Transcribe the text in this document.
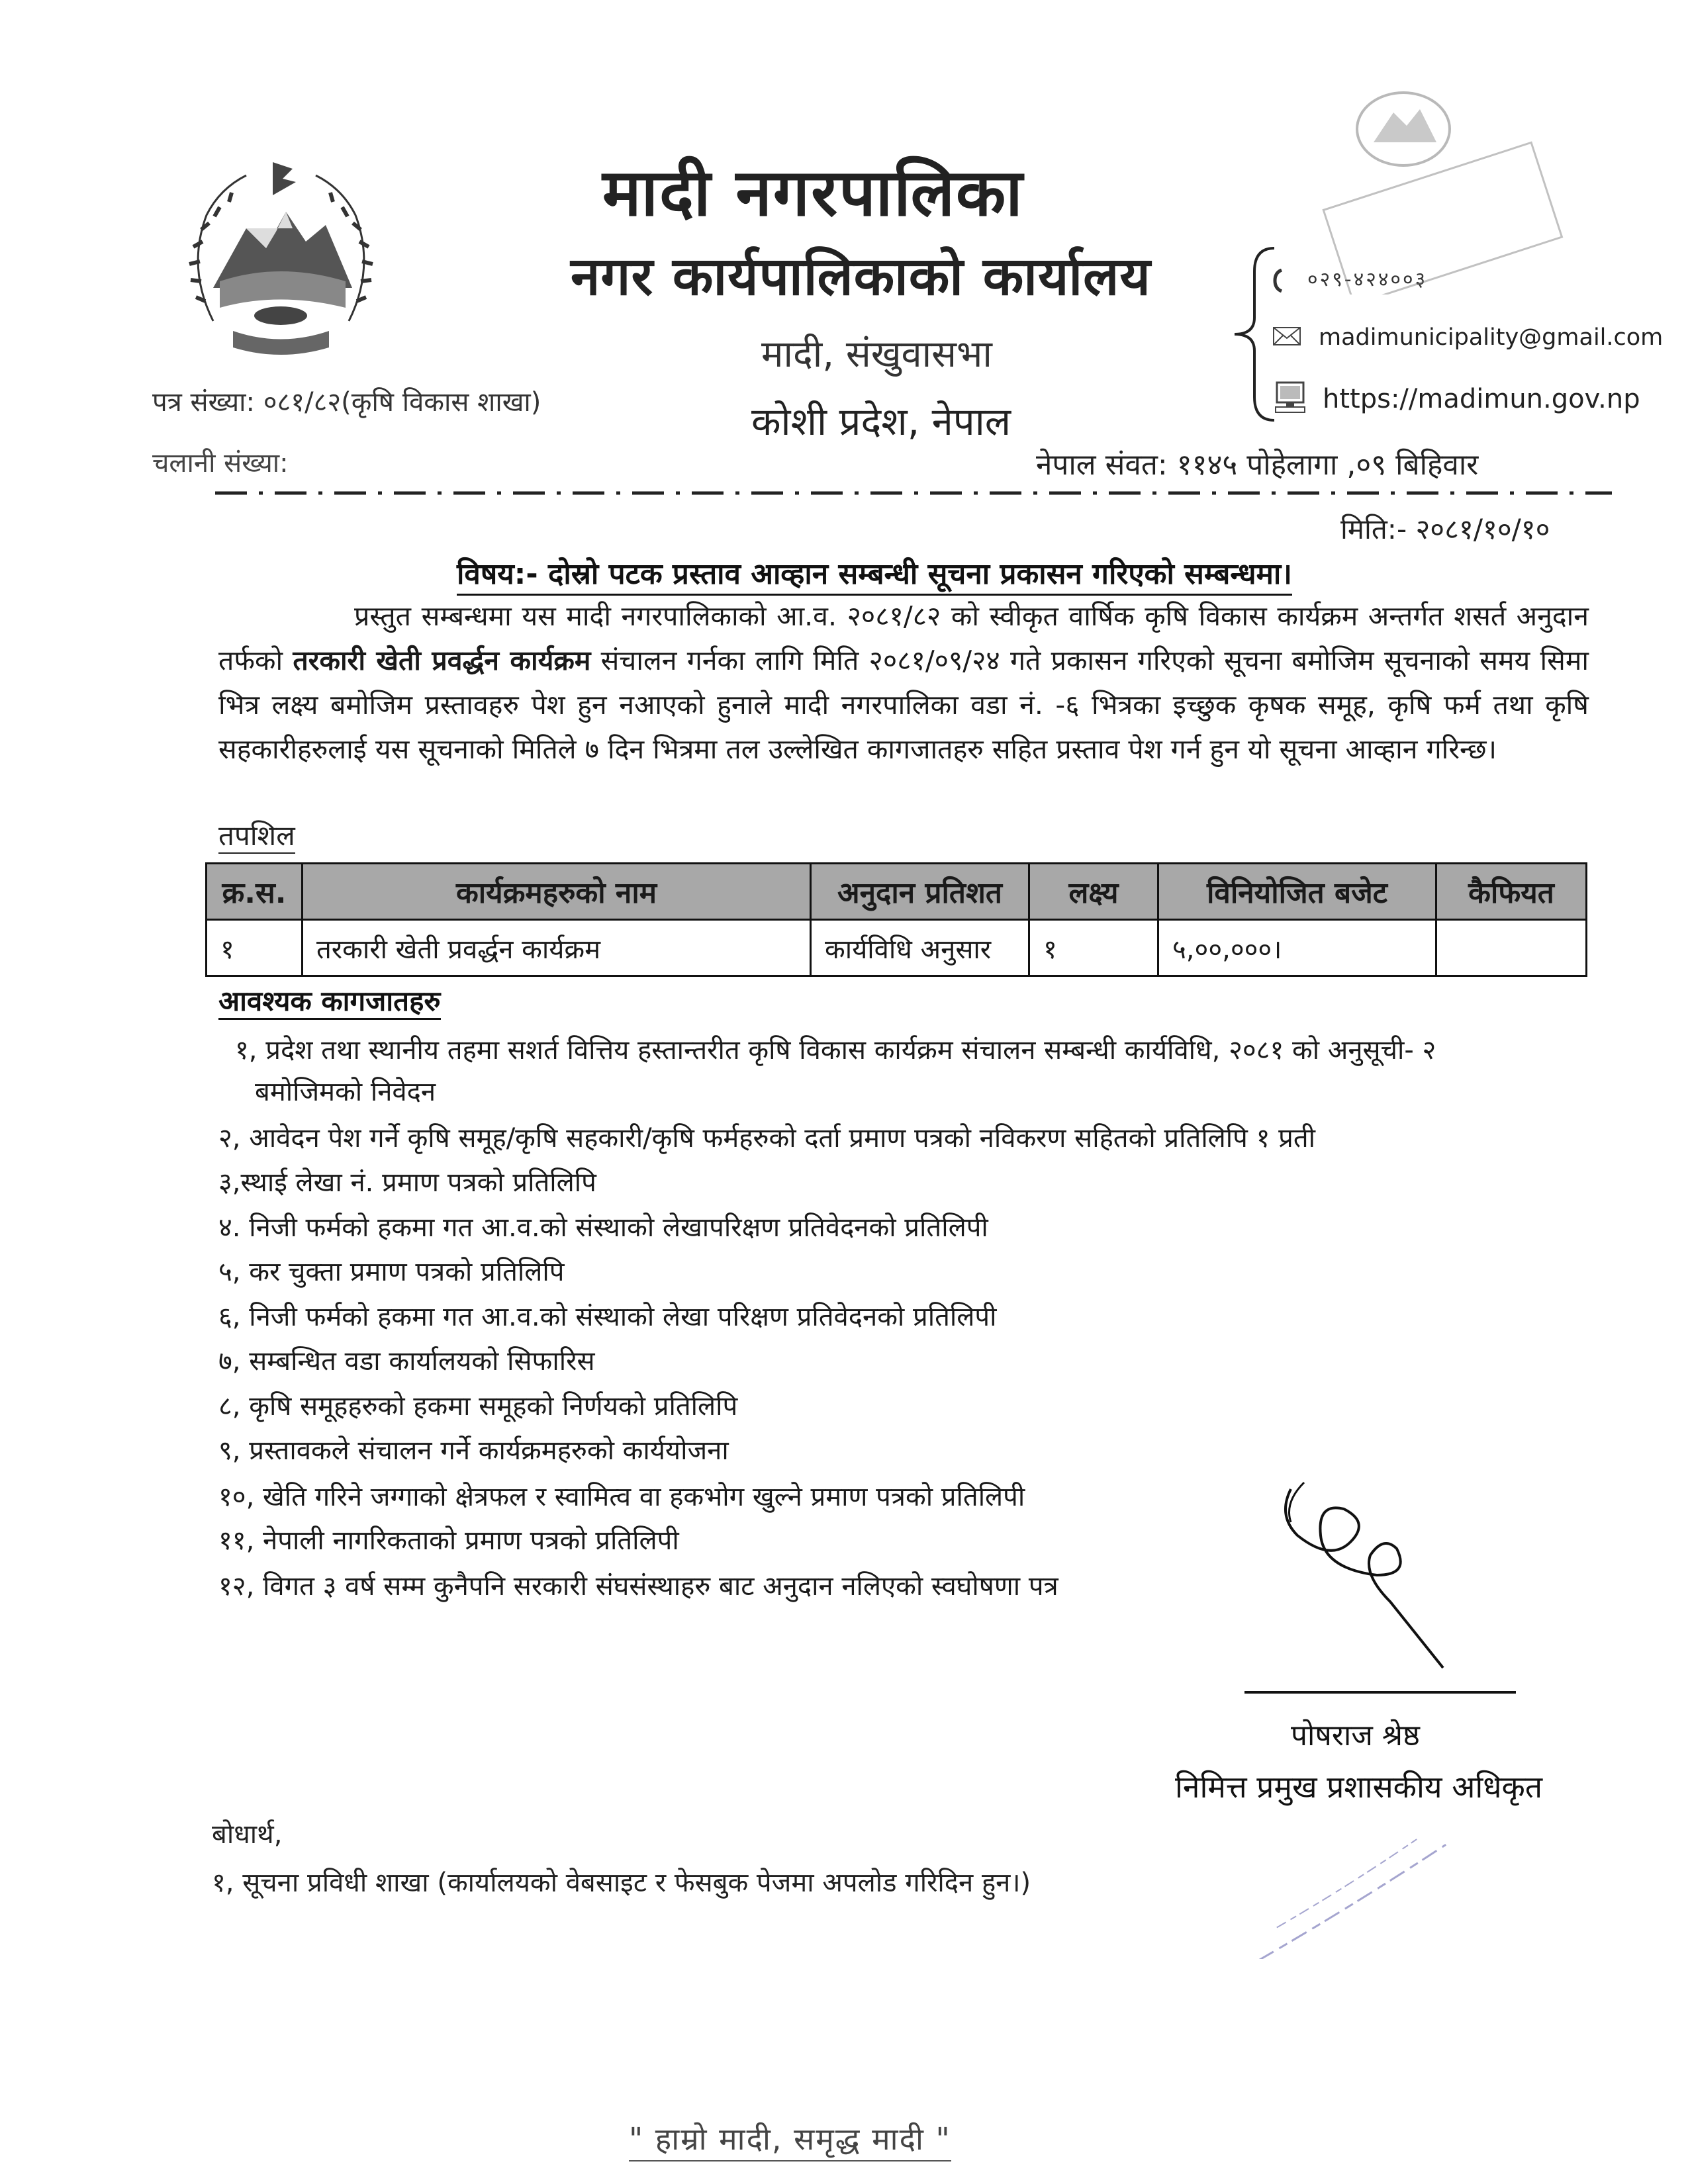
मादी नगरपालिका
नगर कार्यपालिकाको कार्यालय
मादी, संखुवासभा
कोशी प्रदेश, नेपाल
०२९-४२४००३
madimunicipality@gmail.com
https://madimun.gov.np
पत्र संख्या: ०८१/८२(कृषि विकास शाखा)
चलानी संख्या:	नेपाल संवत: ११४५ पोहेलागा ,०९ बिहिवार
मिति:- २०८१/१०/१०
विषय:- दोस्रो पटक प्रस्ताव आव्हान सम्बन्धी सूचना प्रकासन गरिएको सम्बन्धमा।
प्रस्तुत सम्बन्धमा यस मादी नगरपालिकाको आ.व. २०८१/८२ को स्वीकृत वार्षिक कृषि विकास कार्यक्रम अन्तर्गत शसर्त अनुदान तर्फको तरकारी खेती प्रवर्द्धन कार्यक्रम संचालन गर्नका लागि मिति २०८१/०९/२४ गते प्रकासन गरिएको सूचना बमोजिम सूचनाको समय सिमा भित्र लक्ष्य बमोजिम प्रस्तावहरु पेश हुन नआएको हुनाले मादी नगरपालिका वडा नं. -६ भित्रका इच्छुक कृषक समूह, कृषि फर्म तथा कृषि सहकारीहरुलाई यस सूचनाको मितिले ७ दिन भित्रमा तल उल्लेखित कागजातहरु सहित प्रस्ताव पेश गर्न हुन यो सूचना आव्हान गरिन्छ।
तपशिल
क्र.स.	कार्यक्रमहरुको नाम	अनुदान प्रतिशत	लक्ष्य	विनियोजित बजेट	कैफियत
१	तरकारी खेती प्रवर्द्धन कार्यक्रम	कार्यविधि अनुसार	१	५,००,०००।	
आवश्यक कागजातहरु
१, प्रदेश तथा स्थानीय तहमा सशर्त वित्तिय हस्तान्तरीत कृषि विकास कार्यक्रम संचालन सम्बन्धी कार्यविधि, २०८१ को अनुसूची- २
बमोजिमको निवेदन
२, आवेदन पेश गर्ने कृषि समूह/कृषि सहकारी/कृषि फर्महरुको दर्ता प्रमाण पत्रको नविकरण सहितको प्रतिलिपि १ प्रती
३,स्थाई लेखा नं. प्रमाण पत्रको प्रतिलिपि
४. निजी फर्मको हकमा गत आ.व.को संस्थाको लेखापरिक्षण प्रतिवेदनको प्रतिलिपी
५, कर चुक्ता प्रमाण पत्रको प्रतिलिपि
६, निजी फर्मको हकमा गत आ.व.को संस्थाको लेखा परिक्षण प्रतिवेदनको प्रतिलिपी
७, सम्बन्धित वडा कार्यालयको सिफारिस
८, कृषि समूहहरुको हकमा समूहको निर्णयको प्रतिलिपि
९, प्रस्तावकले संचालन गर्ने कार्यक्रमहरुको कार्ययोजना
१०, खेति गरिने जग्गाको क्षेत्रफल र स्वामित्व वा हकभोग खुल्ने प्रमाण पत्रको प्रतिलिपी
११, नेपाली नागरिकताको प्रमाण पत्रको प्रतिलिपी
१२, विगत ३ वर्ष सम्म कुनैपनि सरकारी संघसंस्थाहरु बाट अनुदान नलिएको स्वघोषणा पत्र
पोषराज श्रेष्ठ
निमित्त प्रमुख प्रशासकीय अधिकृत
बोधार्थ,
१, सूचना प्रविधी शाखा (कार्यालयको वेबसाइट र फेसबुक पेजमा अपलोड गरिदिन हुन।)
" हाम्रो मादी, समृद्ध मादी "
